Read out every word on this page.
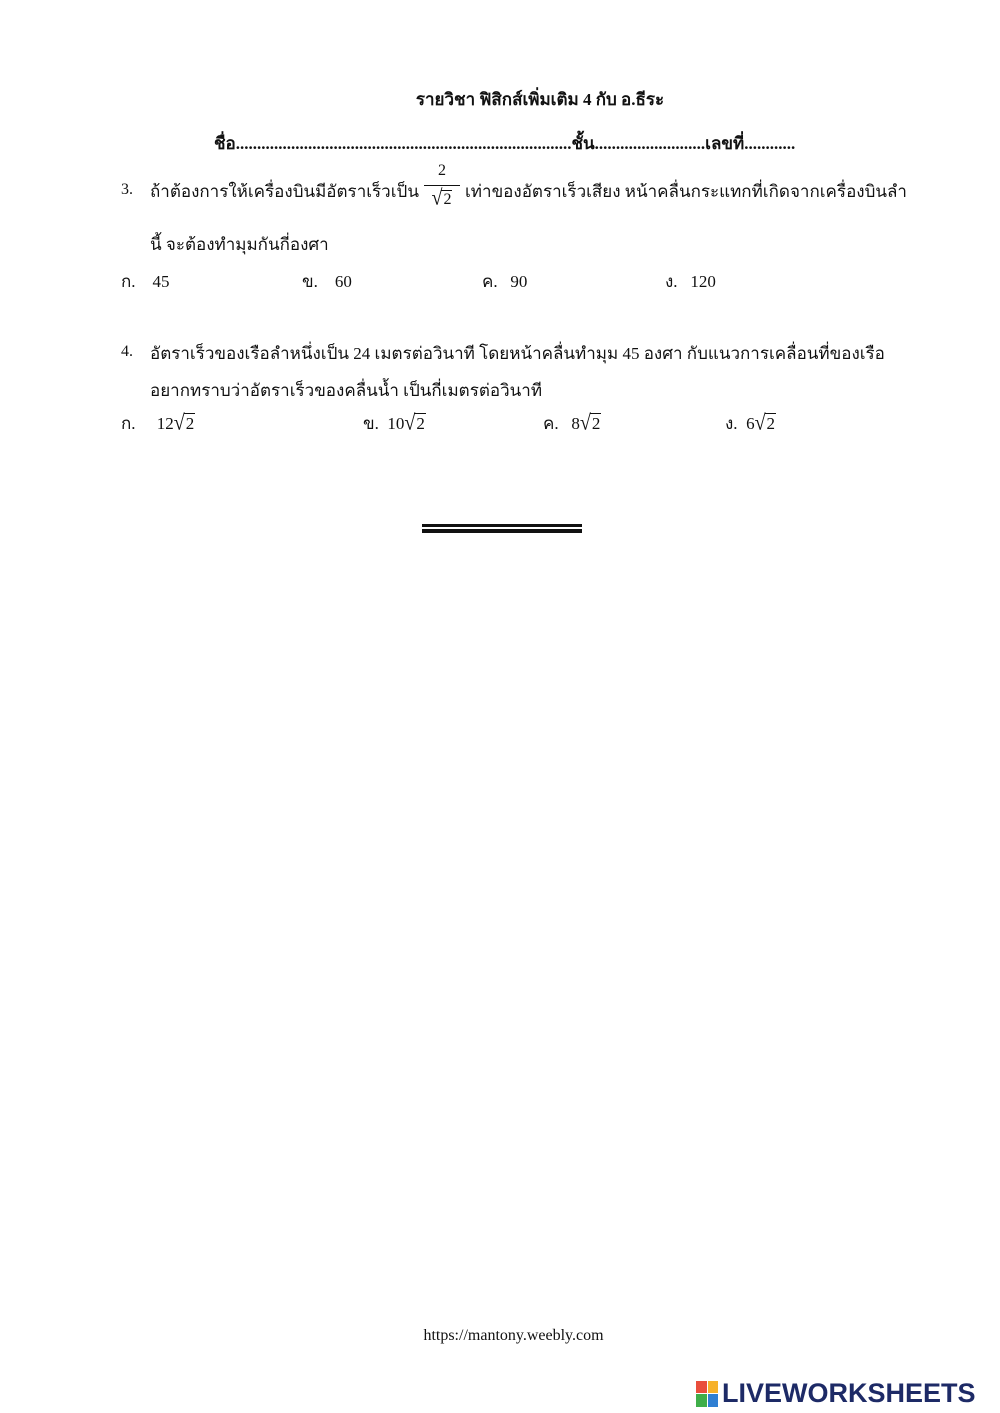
รายวิชา ฟิสิกส์เพิ่มเติม 4 กับ อ.ธีระ
ชื่อ...............................................................................ชั้น..........................เลขที่............
3. ถ้าต้องการให้เครื่องบินมีอัตราเร็วเป็น
2
√2 เท่าของอัตราเร็วเสียง หน้าคลื่นกระแทกที่เกิดจากเครื่องบินลำ
นี้ จะต้องทำมุมกันกี่องศา
ก. 45	ข. 60	ค. 90	ง. 120
4. อัตราเร็วของเรือลำหนึ่งเป็น 24 เมตรต่อวินาที โดยหน้าคลื่นทำมุม 45 องศา กับแนวการเคลื่อนที่ของเรือ
อยากทราบว่าอัตราเร็วของคลื่นน้ำ เป็นกี่เมตรต่อวินาที
ก. 12√2	ข. 10√2	ค. 8√2	ง. 6√2
https://mantony.weebly.com
LIVEWORKSHEETS
